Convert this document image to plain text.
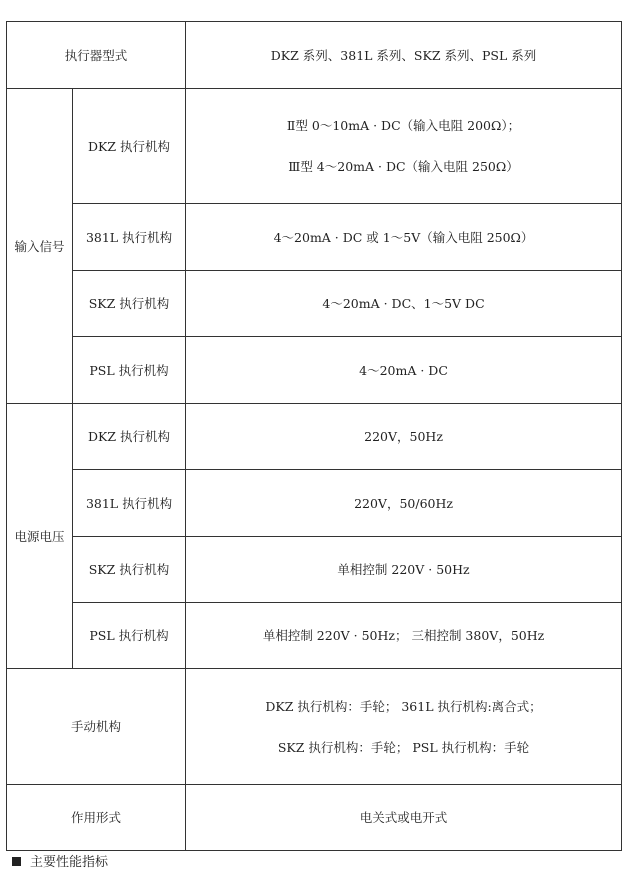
执行器型式		DKZ 系列、381L 系列、SKZ 系列、PSL 系列
输入信号	DKZ 执行机构	Ⅱ型 0～10mA · DC（输入电阻 200Ω）；
Ⅲ型 4～20mA · DC（输入电阻 250Ω）

	381L 执行机构	4～20mA · DC 或 1～5V（输入电阻 250Ω）
	SKZ 执行机构	4～20mA · DC、1～5V DC
	PSL 执行机构	4～20mA · DC
电源电压	DKZ 执行机构	220V，50Hz
	381L 执行机构	220V，50/60Hz
	SKZ 执行机构	单相控制 220V · 50Hz
	PSL 执行机构	单相控制 220V · 50Hz； 三相控制 380V，50Hz
手动机构		DKZ 执行机构：手轮； 361L 执行机构:离合式；
SKZ 执行机构：手轮； PSL 执行机构：手轮

作用形式		电关式或电开式
主要性能指标
